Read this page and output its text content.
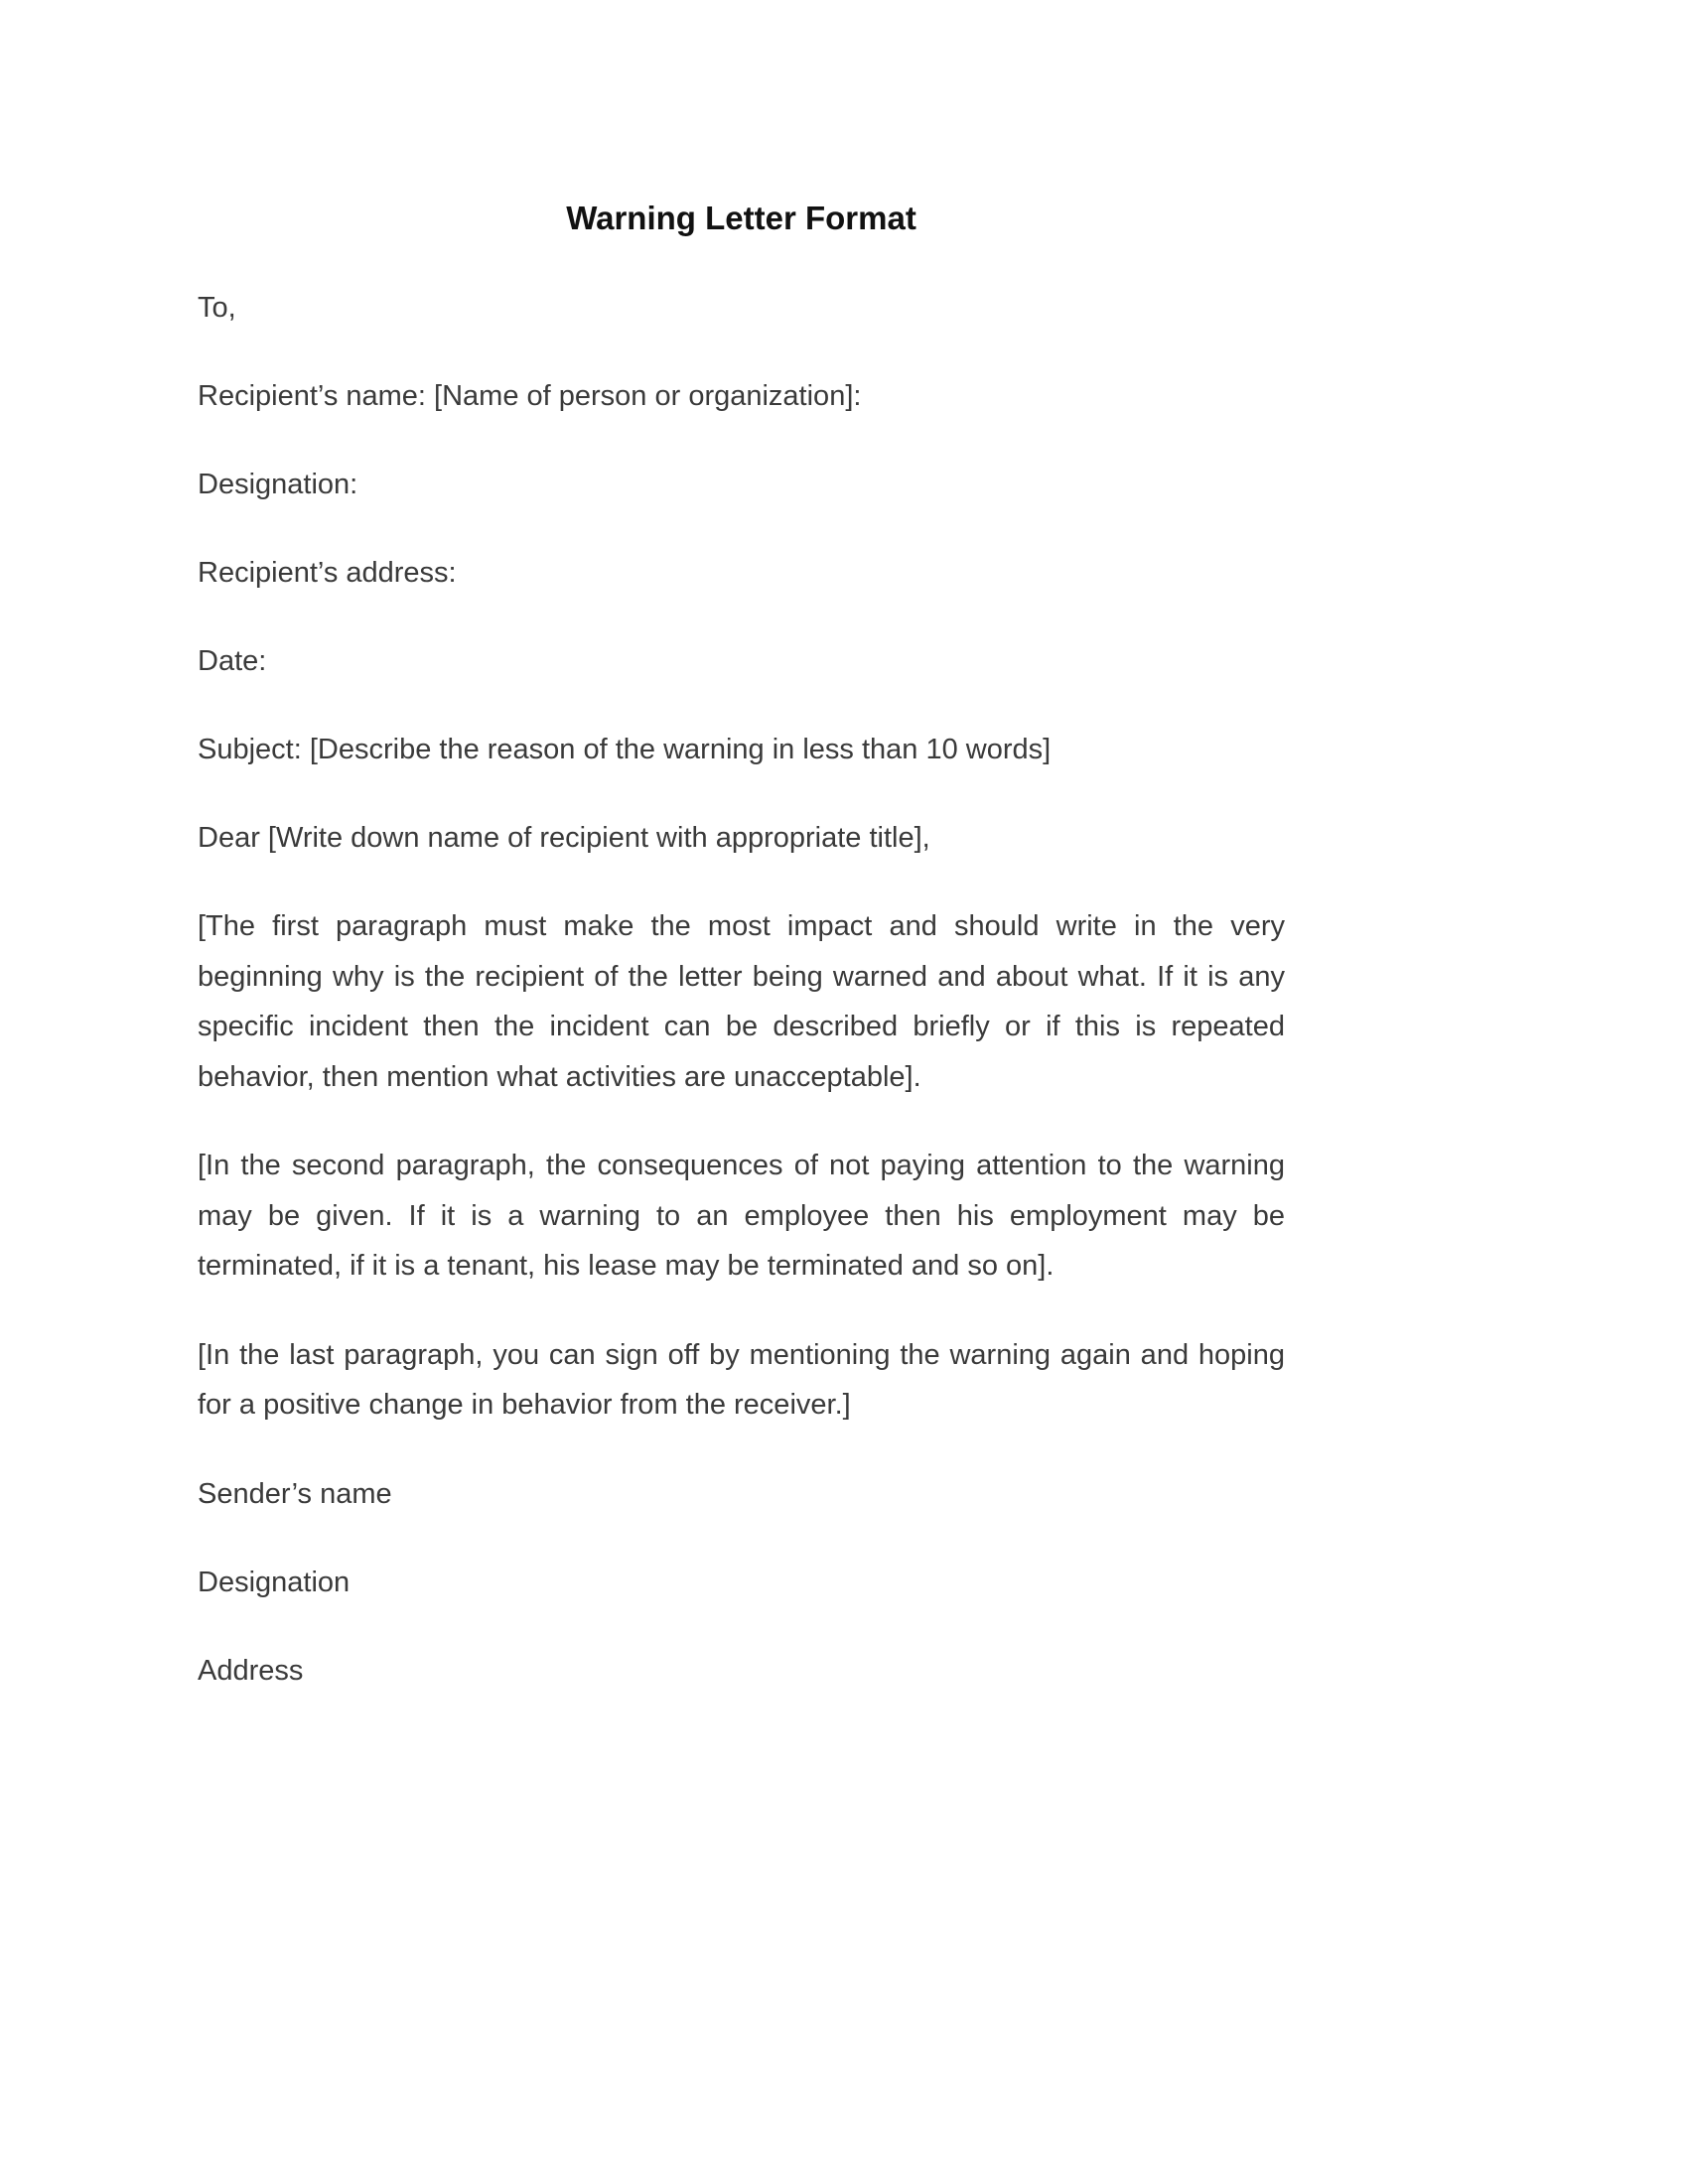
Warning Letter Format
To,
Recipient’s name: [Name of person or organization]:
Designation:
Recipient’s address:
Date:
Subject: [Describe the reason of the warning in less than 10 words]
Dear [Write down name of recipient with appropriate title],

[The first paragraph must make the most impact and should write in the very beginning why is the recipient of the letter being warned and about what. If it is any specific incident then the incident can be described briefly or if this is repeated behavior, then mention what activities are unacceptable].

[In the second paragraph, the consequences of not paying attention to the warning may be given. If it is a warning to an employee then his employment may be terminated, if it is a tenant, his lease may be terminated and so on].

[In the last paragraph, you can sign off by mentioning the warning again and hoping for a positive change in behavior from the receiver.]

Sender’s name
Designation
Address
